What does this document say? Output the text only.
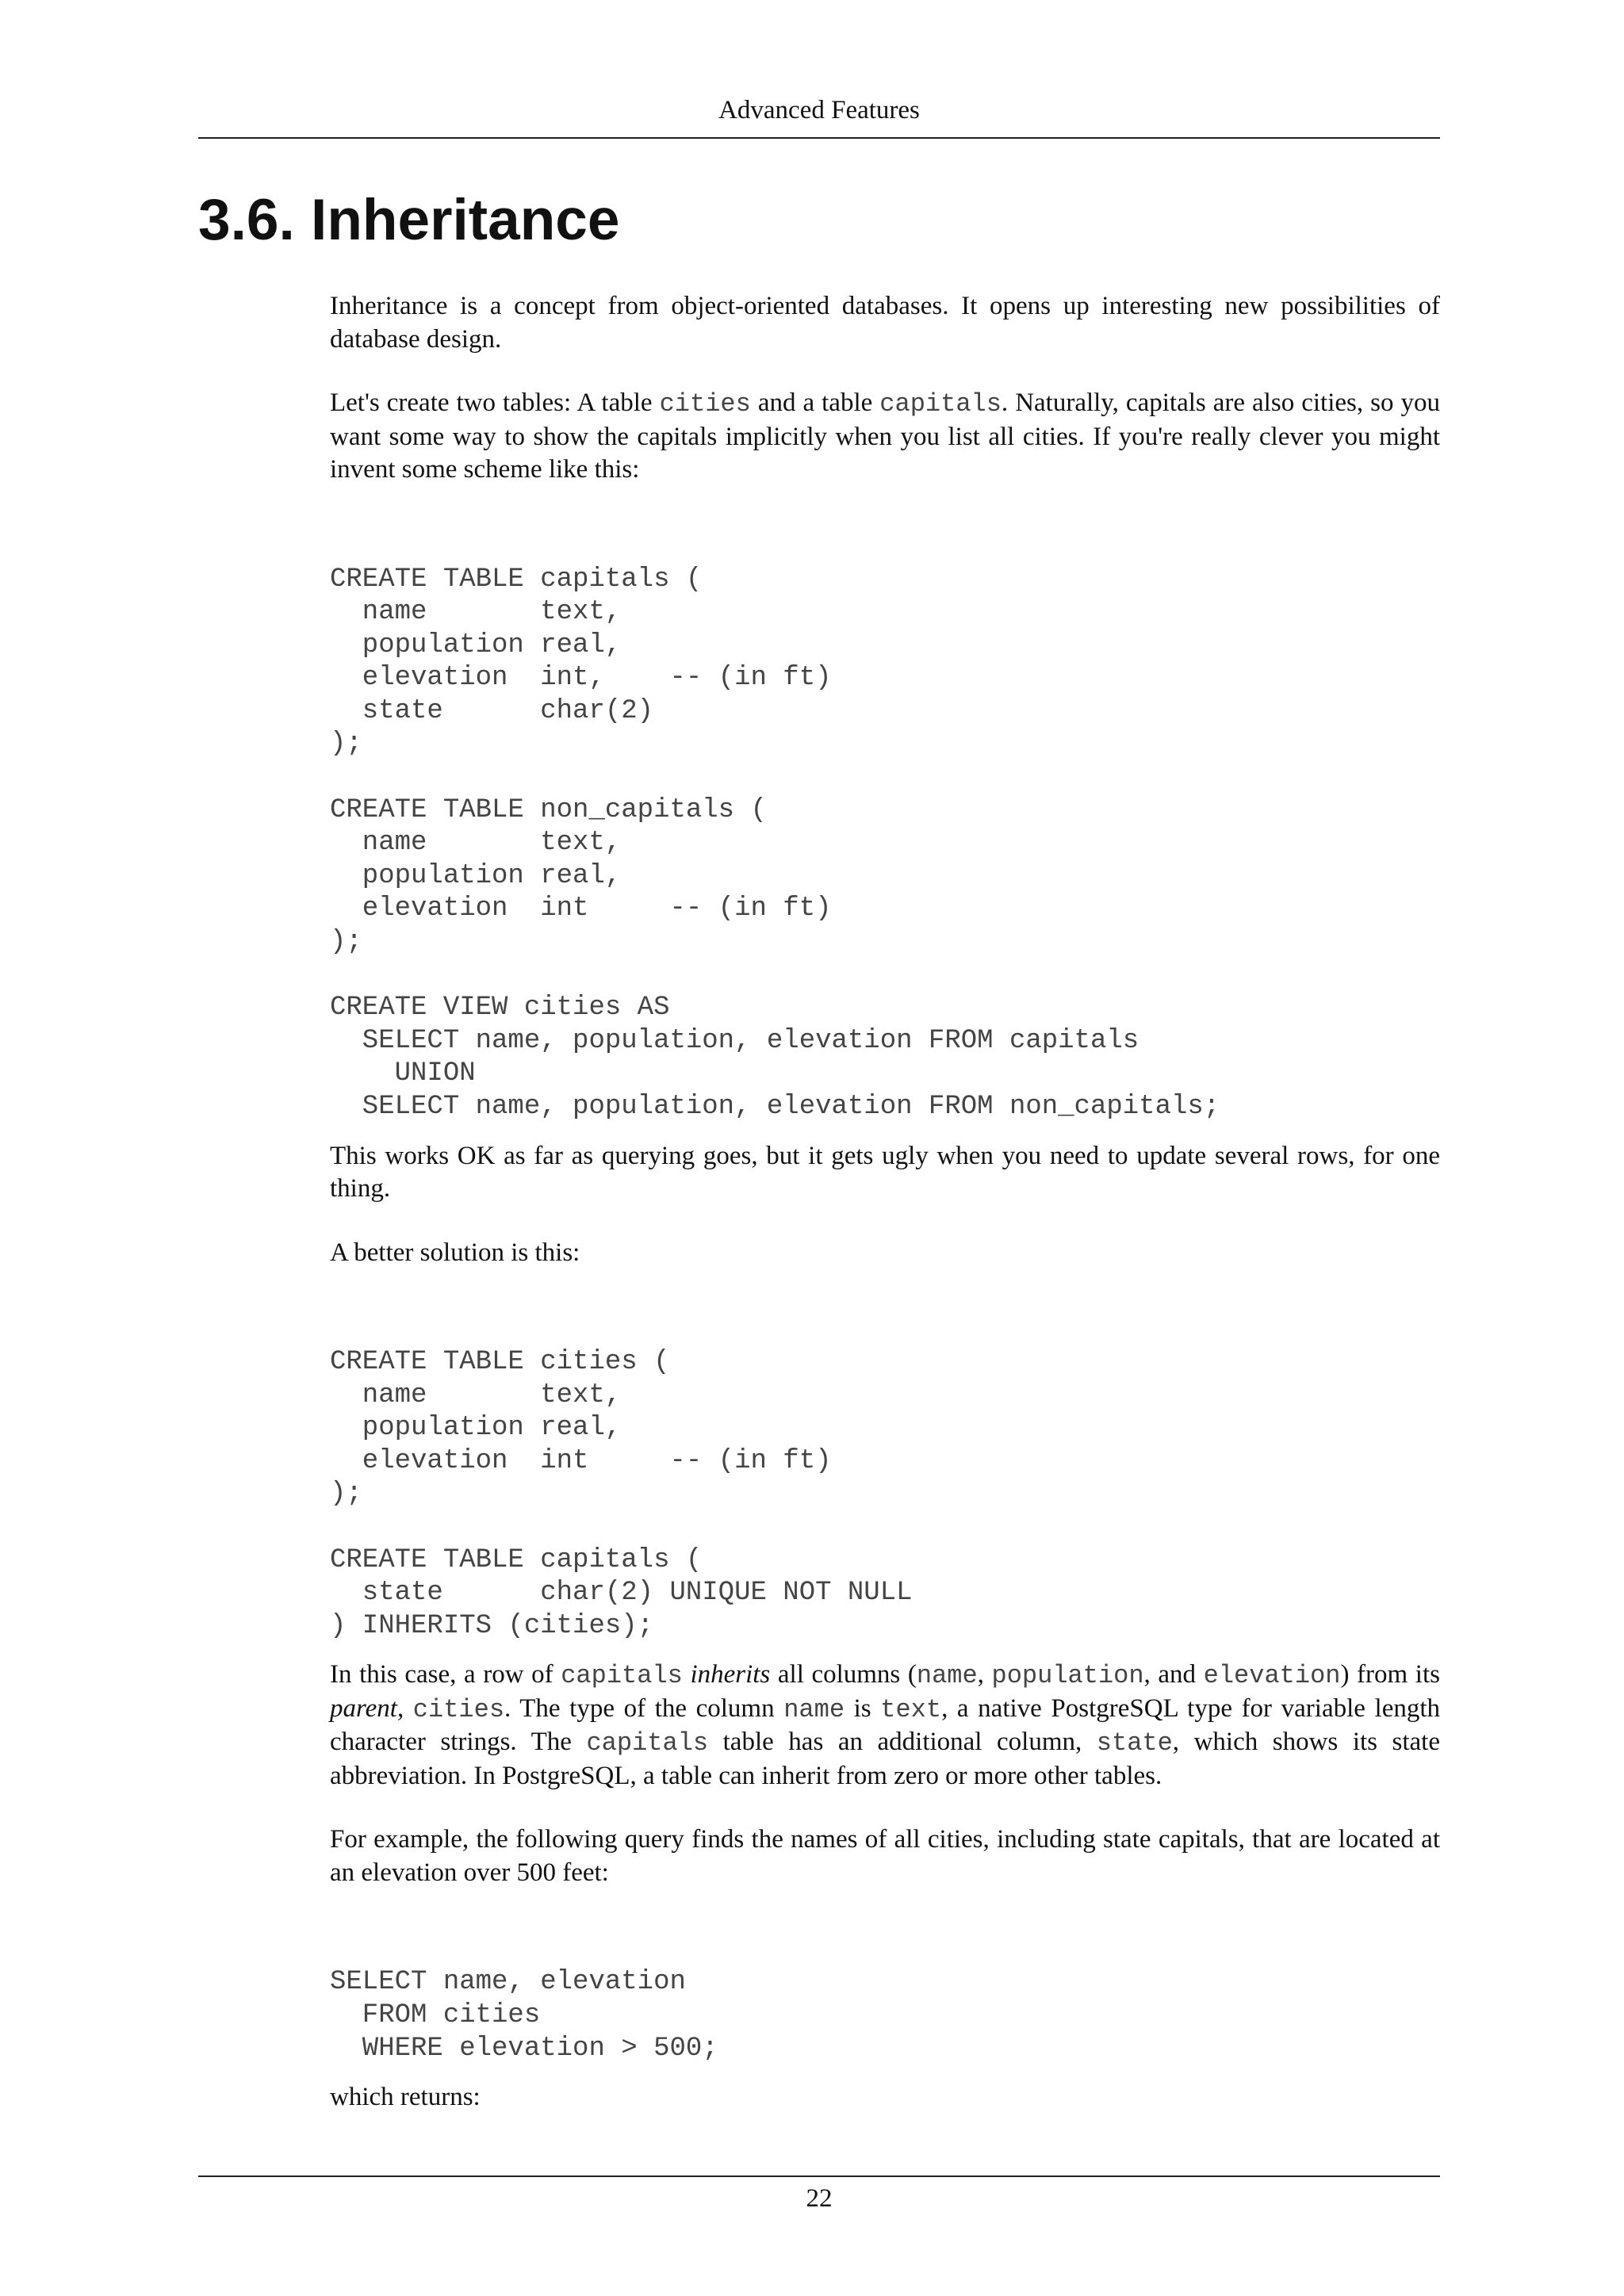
Advanced Features
3.6. Inheritance

Inheritance is a concept from object-oriented databases. It opens up interesting new possibilities of database design.

Let's create two tables: A table cities and a table capitals. Naturally, capitals are also cities, so you want some way to show the capitals implicitly when you list all cities. If you're really clever you might invent some scheme like this:

CREATE TABLE capitals (
name       text,
population real,
elevation  int,    -- (in ft)
state      char(2)
);

CREATE TABLE non_capitals (
name       text,
population real,
elevation  int     -- (in ft)
);

CREATE VIEW cities AS
SELECT name, population, elevation FROM capitals
UNION
SELECT name, population, elevation FROM non_capitals;

This works OK as far as querying goes, but it gets ugly when you need to update several rows, for one thing.

A better solution is this:

CREATE TABLE cities (
name       text,
population real,
elevation  int     -- (in ft)
);

CREATE TABLE capitals (
state      char(2) UNIQUE NOT NULL
) INHERITS (cities);

In this case, a row of capitals inherits all columns (name, population, and elevation) from its parent, cities. The type of the column name is text, a native PostgreSQL type for variable length character strings. The capitals table has an additional column, state, which shows its state abbreviation. In PostgreSQL, a table can inherit from zero or more other tables.

For example, the following query finds the names of all cities, including state capitals, that are located at an elevation over 500 feet:

SELECT name, elevation
FROM cities
WHERE elevation > 500;

which returns:

22
